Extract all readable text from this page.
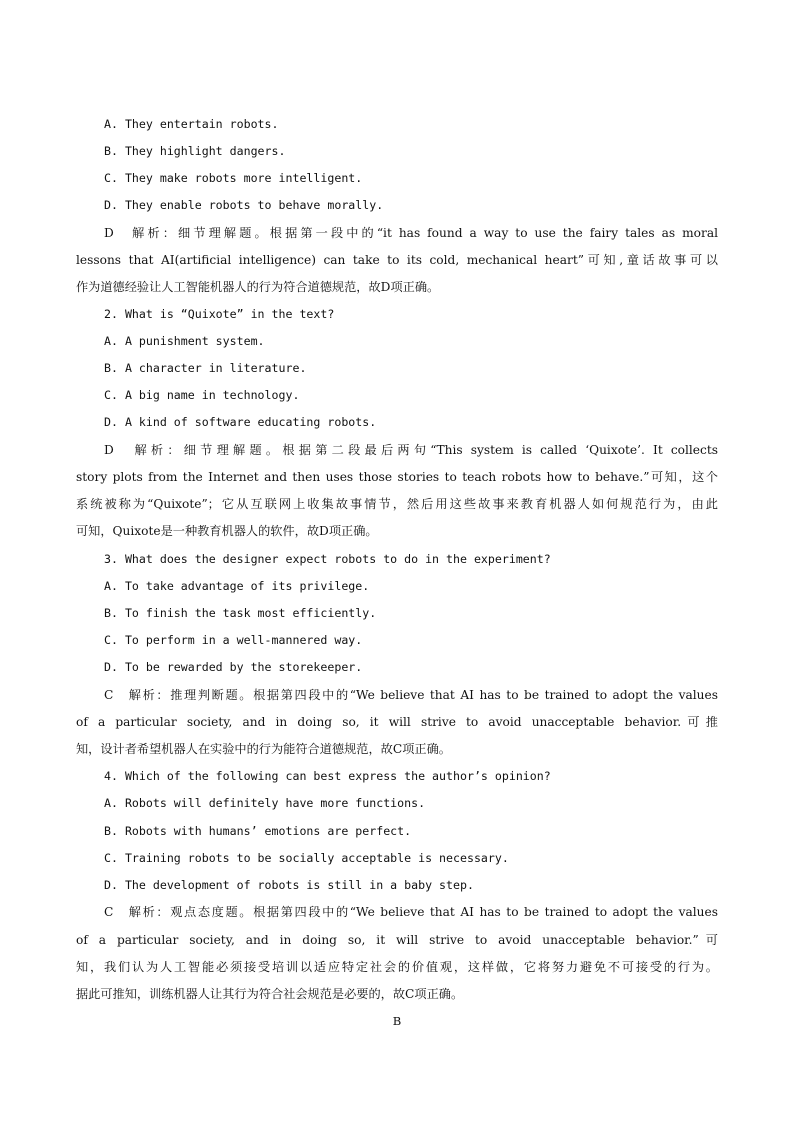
A. They entertain robots.
B. They highlight dangers.
C. They make robots more intelligent.
D. They enable robots to behave morally.
D　解析：细节理解题。根据第一段中的“it has found a way to use the fairy tales as moral
lessons that AI(artificial intelligence) can take to its cold, mechanical heart”可知,童话故事可以
作为道德经验让人工智能机器人的行为符合道德规范，故D项正确。
2. What is “Quixote” in the text?
A. A punishment system.
B. A character in literature.
C. A big name in technology.
D. A kind of software educating robots.
D　解析：细节理解题。根据第二段最后两句“This system is called ‘Quixote’. It collects
story plots from the Internet and then uses those stories to teach robots how to behave.”可知，这个
系统被称为“Quixote”；它从互联网上收集故事情节，然后用这些故事来教育机器人如何规范行为，由此
可知，Quixote是一种教育机器人的软件，故D项正确。
3. What does the designer expect robots to do in the experiment?
A. To take advantage of its privilege.
B. To finish the task most efficiently.
C. To perform in a well-mannered way.
D. To be rewarded by the storekeeper.
C　解析：推理判断题。根据第四段中的“We believe that AI has to be trained to adopt the values
of a particular society, and in doing so, it will strive to avoid unacceptable behavior.可推
知，设计者希望机器人在实验中的行为能符合道德规范，故C项正确。
4. Which of the following can best express the author’s opinion?
A. Robots will definitely have more functions.
B. Robots with humans’ emotions are perfect.
C. Training robots to be socially acceptable is necessary.
D. The development of robots is still in a baby step.
C　解析：观点态度题。根据第四段中的“We believe that AI has to be trained to adopt the values
of a particular society, and in doing so, it will strive to avoid unacceptable behavior.”可
知，我们认为人工智能必须接受培训以适应特定社会的价值观，这样做，它将努力避免不可接受的行为。
据此可推知，训练机器人让其行为符合社会规范是必要的，故C项正确。
B
